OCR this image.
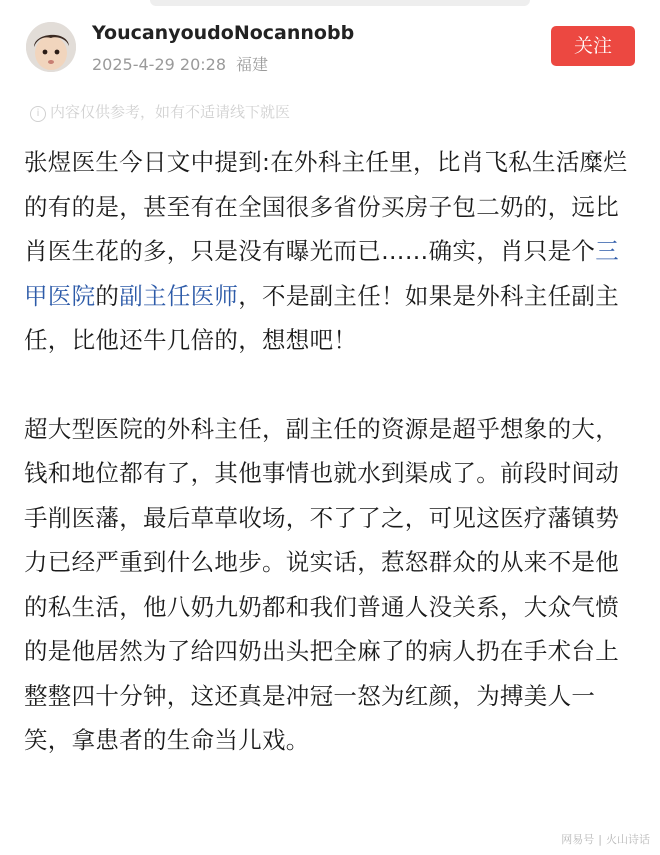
YoucanyoudoNocannobb
2025-4-29 20:28 福建
关注
i 内容仅供参考，如有不适请线下就医

张煜医生今日文中提到:在外科主任里，比肖飞私生活糜烂的有的是，甚至有在全国很多省份买房子包二奶的，远比肖医生花的多，只是没有曝光而已……确实，肖只是个三甲医院的副主任医师，不是副主任！如果是外科主任副主任，比他还牛几倍的，想想吧！

超大型医院的外科主任，副主任的资源是超乎想象的大，钱和地位都有了，其他事情也就水到渠成了。前段时间动手削医藩，最后草草收场，不了了之，可见这医疗藩镇势力已经严重到什么地步。说实话，惹怒群众的从来不是他的私生活，他八奶九奶都和我们普通人没关系，大众气愤的是他居然为了给四奶出头把全麻了的病人扔在手术台上整整四十分钟，这还真是冲冠一怒为红颜，为搏美人一笑，拿患者的生命当儿戏。

网易号 | 火山诗话
